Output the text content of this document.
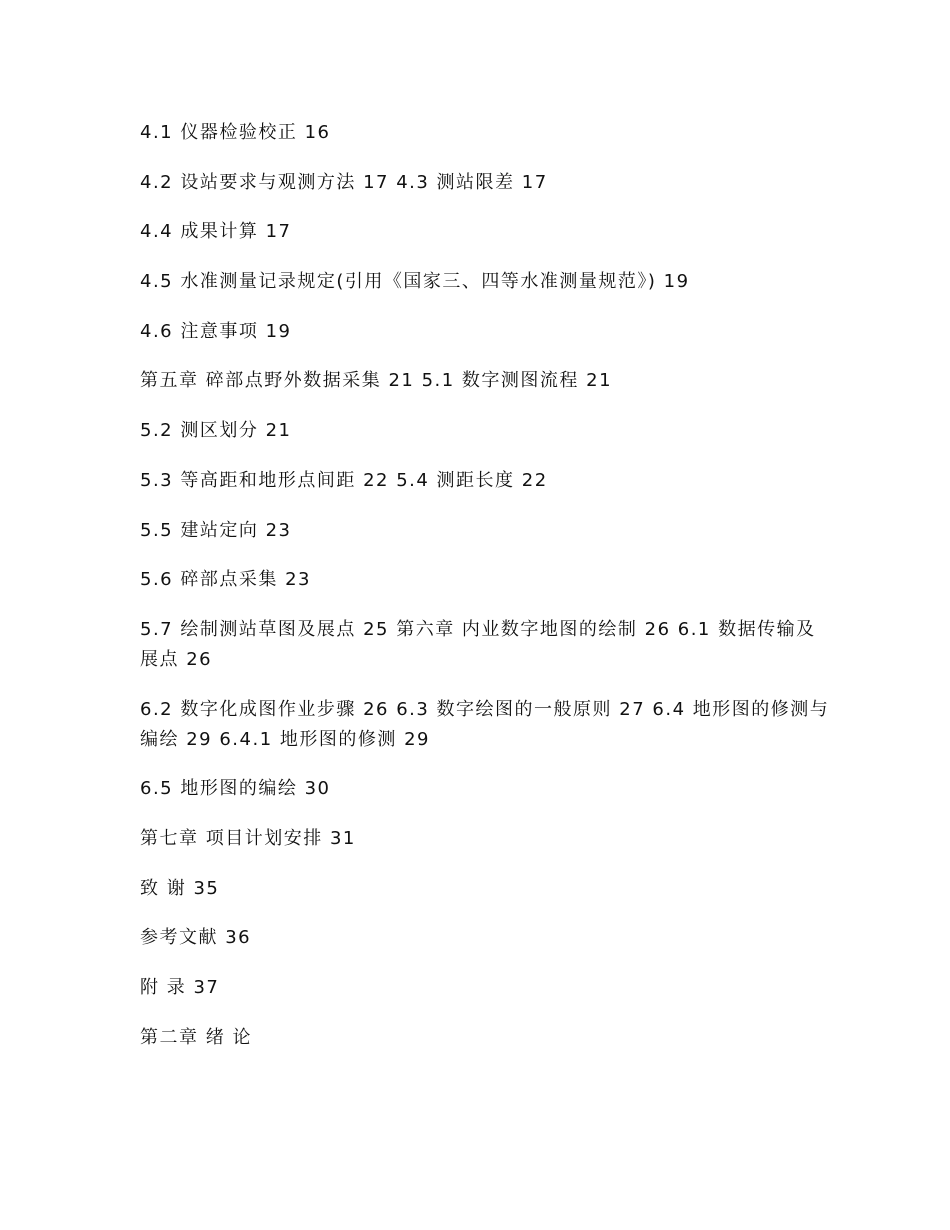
4.1 仪器检验校正 16
4.2 设站要求与观测方法 17 4.3 测站限差 17
4.4 成果计算 17
4.5 水准测量记录规定(引用《国家三、四等水准测量规范》) 19
4.6 注意事项 19
第五章 碎部点野外数据采集 21 5.1 数字测图流程 21
5.2 测区划分 21
5.3 等高距和地形点间距 22 5.4 测距长度 22
5.5 建站定向 23
5.6 碎部点采集 23
5.7 绘制测站草图及展点 25 第六章 内业数字地图的绘制 26 6.1 数据传输及展点 26
6.2 数字化成图作业步骤 26 6.3 数字绘图的一般原则 27 6.4 地形图的修测与编绘 29 6.4.1 地形图的修测 29
6.5 地形图的编绘 30
第七章 项目计划安排 31
致 谢 35
参考文献 36
附 录 37
第二章 绪 论
